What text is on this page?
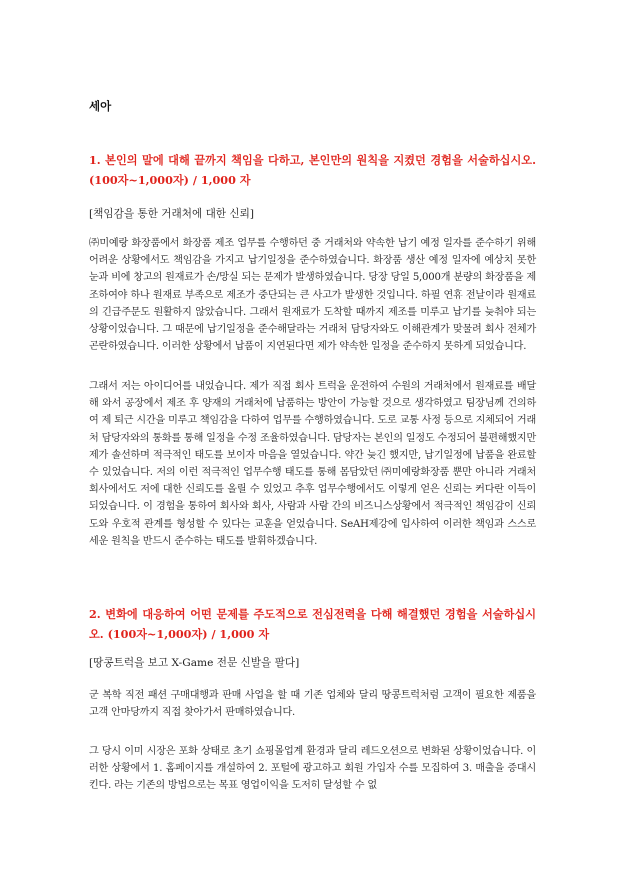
세아
1. 본인의 말에 대해 끝까지 책임을 다하고, 본인만의 원칙을 지켰던 경험을 서술하십시오. (100자~1,000자) / 1,000 자
[책임감을 통한 거래처에 대한 신뢰]
㈜미예랑 화장품에서 화장품 제조 업무를 수행하던 중 거래처와 약속한 납기 예정 일자를 준수하기 위해 어려운 상황에서도 책임감을 가지고 납기일정을 준수하였습니다. 화장품 생산 예정 일자에 예상치 못한 눈과 비에 창고의 원재료가 손/망실 되는 문제가 발생하였습니다. 당장 당일 5,000개 분량의 화장품을 제조하여야 하나 원재료 부족으로 제조가 중단되는 큰 사고가 발생한 것입니다. 하필 연휴 전날이라 원재료의 긴급주문도 원활하지 않았습니다. 그래서 원재료가 도착할 때까지 제조를 미루고 납기를 늦춰야 되는 상황이었습니다. 그 때문에 납기일정을 준수해달라는 거래처 담당자와도 이해관계가 맞물려 회사 전체가 곤란하였습니다. 이러한 상황에서 납품이 지연된다면 제가 약속한 일정을 준수하지 못하게 되었습니다.
그래서 저는 아이디어를 내었습니다. 제가 직접 회사 트럭을 운전하여 수원의 거래처에서 원재료를 배달해 와서 공장에서 제조 후 양재의 거래처에 납품하는 방안이 가능할 것으로 생각하였고 팀장님께 건의하여 제 퇴근 시간을 미루고 책임감을 다하여 업무를 수행하였습니다. 도로 교통 사정 등으로 지체되어 거래처 담당자와의 통화를 통해 일정을 수정 조율하였습니다. 담당자는 본인의 일정도 수정되어 불편해했지만 제가 솔선하며 적극적인 태도를 보이자 마음을 열었습니다. 약간 늦긴 했지만, 납기일정에 납품을 완료할 수 있었습니다. 저의 이런 적극적인 업무수행 태도를 통해 몸담았던 ㈜미예랑화장품 뿐만 아니라 거래처 회사에서도 저에 대한 신뢰도를 올릴 수 있었고 추후 업무수행에서도 이렇게 얻은 신뢰는 커다란 이득이 되었습니다. 이 경험을 통하여 회사와 회사, 사람과 사람 간의 비즈니스상황에서 적극적인 책임감이 신뢰도와 우호적 관계를 형성할 수 있다는 교훈을 얻었습니다. SeAH제강에 입사하여 이러한 책임과 스스로 세운 원칙을 반드시 준수하는 태도를 발휘하겠습니다.
2. 변화에 대응하여 어떤 문제를 주도적으로 전심전력을 다해 해결했던 경험을 서술하십시오. (100자~1,000자) / 1,000 자
[땅콩트럭을 보고 X-Game 전문 신발을 팔다]
군 복학 직전 패션 구매대행과 판매 사업을 할 때 기존 업체와 달리 땅콩트럭처럼 고객이 필요한 제품을 고객 안마당까지 직접 찾아가서 판매하였습니다.
그 당시 이미 시장은 포화 상태로 초기 쇼핑몰업계 환경과 달리 레드오션으로 변화된 상황이었습니다. 이러한 상황에서 1. 홈페이지를 개설하여 2. 포털에 광고하고 회원 가입자 수를 모집하여 3. 매출을 증대시킨다. 라는 기존의 방법으로는 목표 영업이익을 도저히 달성할 수 없
